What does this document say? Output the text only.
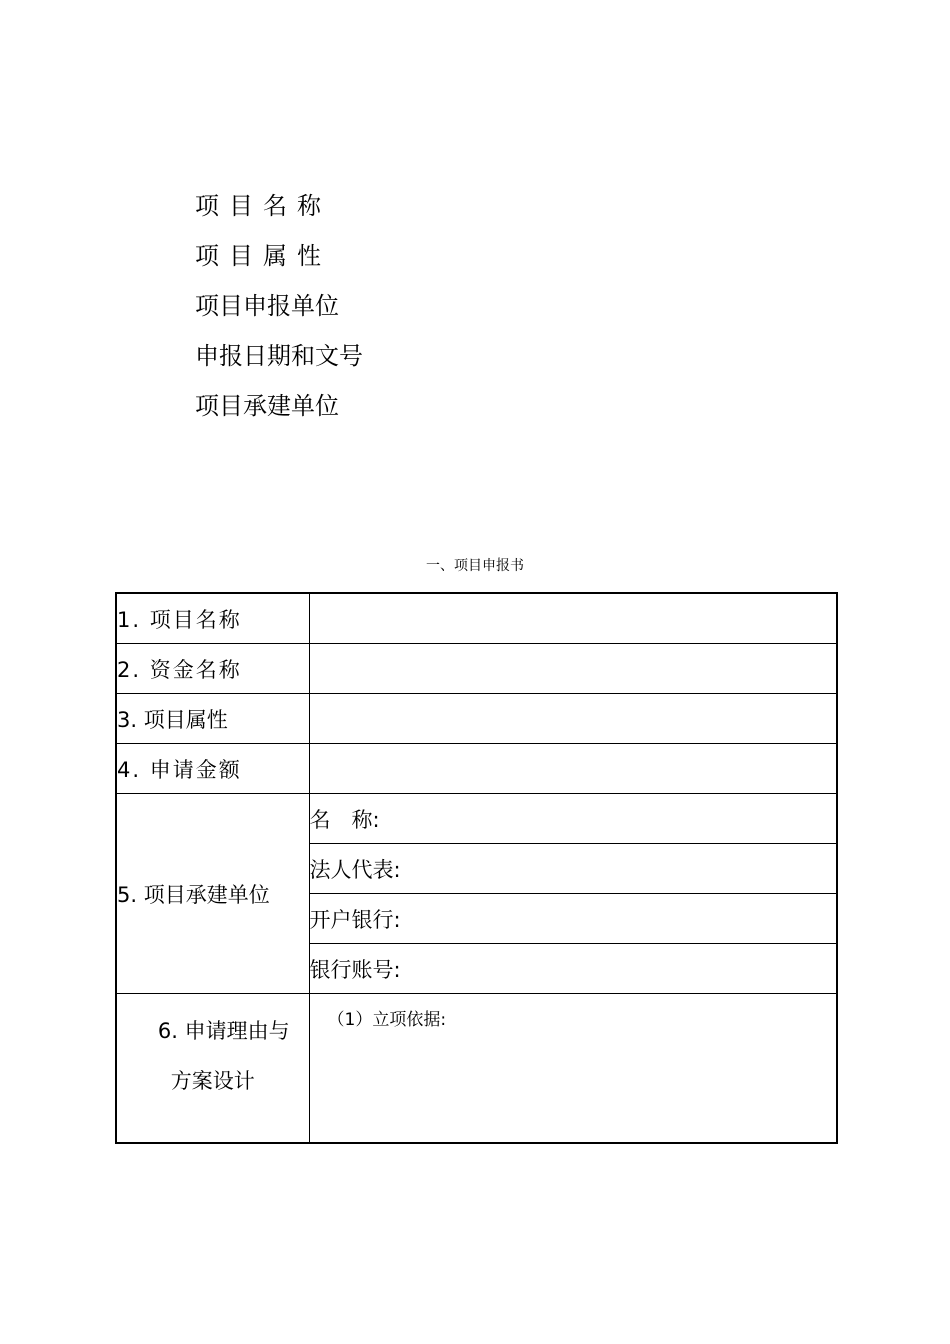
项目名称
项目属性
项目申报单位
申报日期和文号
项目承建单位
一、项目申报书
1. 项目名称	
2. 资金名称	
3. 项目属性	
4. 申请金额	
5. 项目承建单位	名　称:
	法人代表:
	开户银行:
	银行账号:

6. 申请理由与
方案设计	（1）立项依据:
